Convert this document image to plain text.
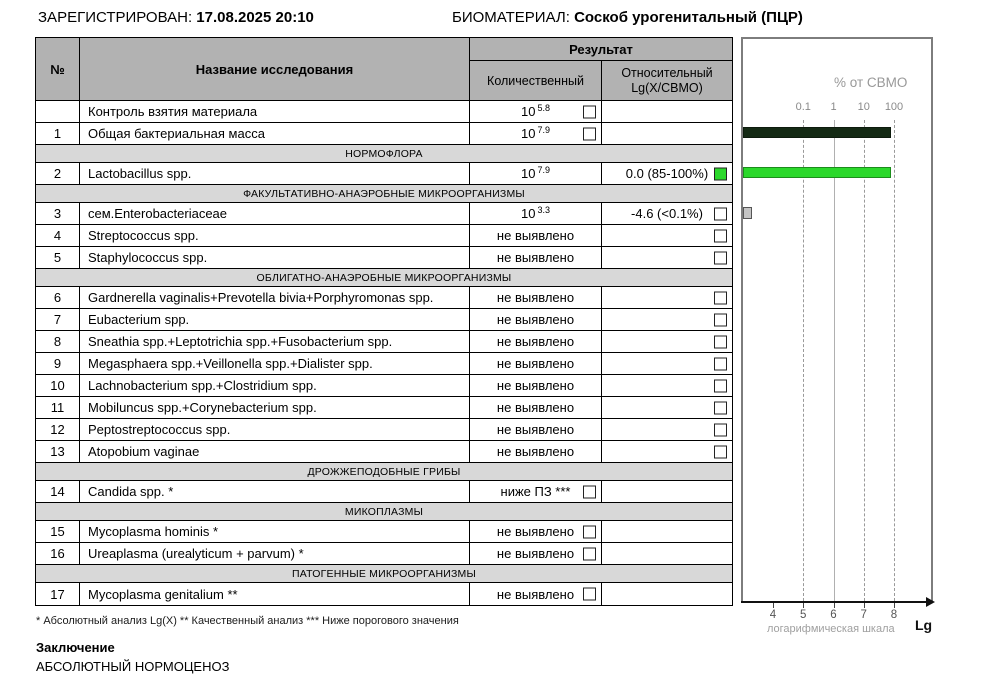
ЗАРЕГИСТРИРОВАН: 17.08.2025 20:10	БИОМАТЕРИАЛ: Соскоб урогенитальный (ПЦР)
№	Название исследования
Результат
Количественный
Относительный
Lg(X/СВМО)
Контроль взятия материала	10 5.8
1	Общая бактериальная масса	10 7.9
НОРМОФЛОРА
2	Lactobacillus spp.	10 7.9	0.0 (85-100%)
ФАКУЛЬТАТИВНО-АНАЭРОБНЫЕ МИКРООРГАНИЗМЫ
3	сем.Enterobacteriaceae	10 3.3	-4.6 (<0.1%)
4	Streptococcus spp.	не выявлено
5	Staphylococcus spp.	не выявлено
ОБЛИГАТНО-АНАЭРОБНЫЕ МИКРООРГАНИЗМЫ
6	Gardnerella vaginalis+Prevotella bivia+Porphyromonas spp.	не выявлено
7	Eubacterium spp.	не выявлено
8	Sneathia spp.+Leptotrichia spp.+Fusobacterium spp.	не выявлено
9	Megasphaera spp.+Veillonella spp.+Dialister spp.	не выявлено
10	Lachnobacterium spp.+Clostridium spp.	не выявлено
11	Mobiluncus spp.+Corynebacterium spp.	не выявлено
12	Peptostreptococcus spp.	не выявлено
13	Atopobium vaginae	не выявлено
ДРОЖЖЕПОДОБНЫЕ ГРИБЫ
14	Candida spp. *	ниже ПЗ ***
МИКОПЛАЗМЫ
15	Mycoplasma hominis *	не выявлено
16	Ureaplasma (urealyticum + parvum) *	не выявлено
ПАТОГЕННЫЕ МИКРООРГАНИЗМЫ
17	Mycoplasma genitalium **	не выявлено
% от СВМО
0.1	1	10	100
4	5	6	7	8
Lg
логарифмическая шкала
* Абсолютный анализ Lg(X) ** Качественный анализ *** Ниже порогового значения
Заключение
АБСОЛЮТНЫЙ НОРМОЦЕНОЗ
